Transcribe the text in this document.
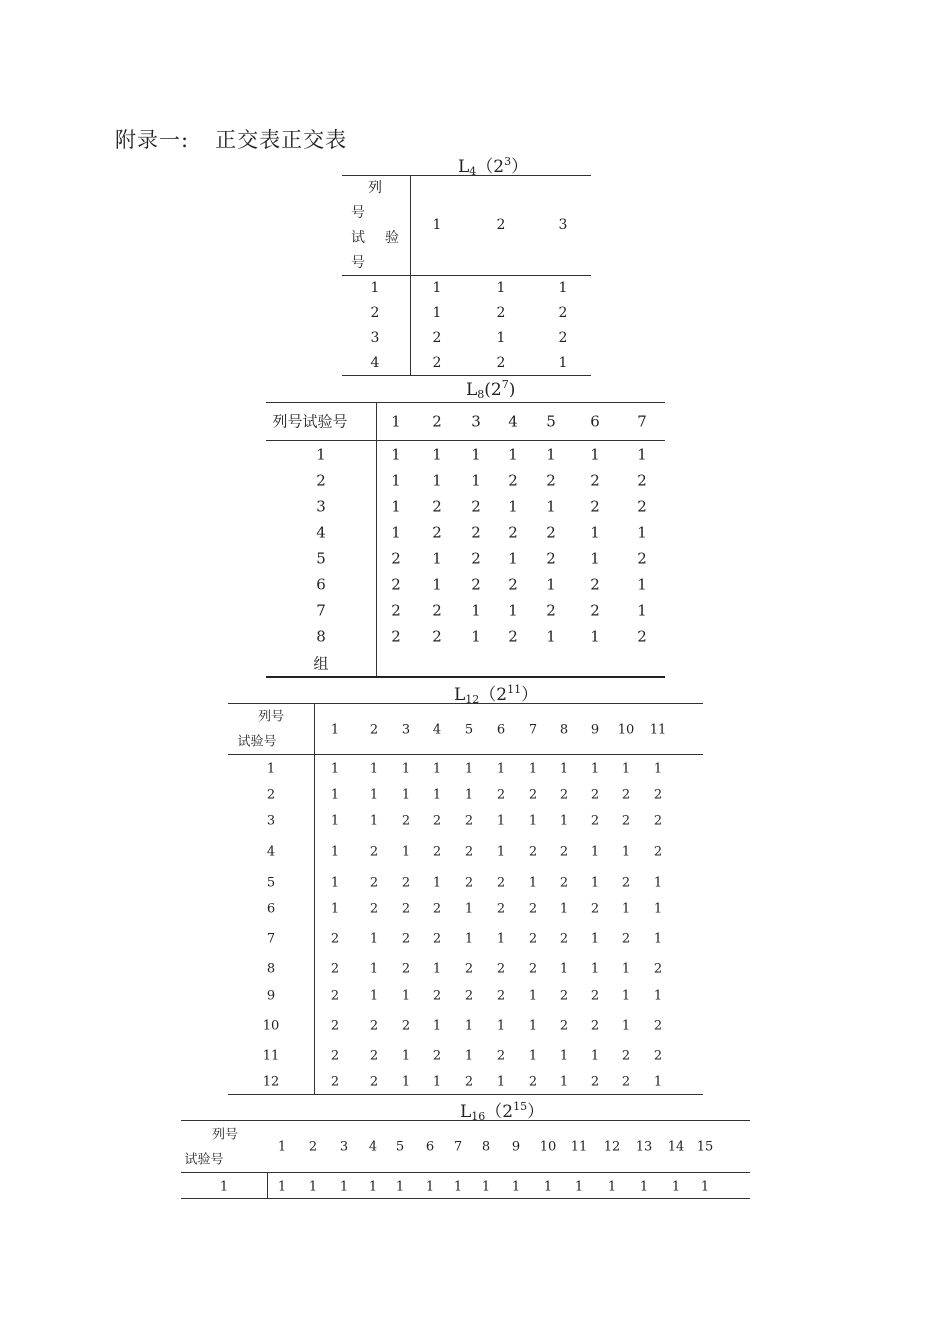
附录一: 正交表正交表
$L_4(2^3)$
列
号
试 验
号
1	2	3
1	1	1	1
2	1	2	2
3	2	1	2
4	2	2	1
$L_8(2^7)$
列号试验号
组
1 2 3 4 5 6 7
1	1 1 1 1 1 1 1
2	1 1 1 2 2 2 2
3	1 2 2 1 1 2 2
4	1 2 2 2 2 1 1
5	2 1 2 1 2 1 2
6	2 1 2 2 1 2 1
7	2 2 1 1 2 2 1
8	2 2 1 2 1 1 2
$L_{12}(2^{11})$
列号
试验号
1 2 3 4 5 6 7 8 9 10 11
1	1 1 1 1 1 1 1 1 1 1 1
2	1 1 1 1 1 2 2 2 2 2 2
3	1 1 2 2 2 1 1 1 2 2 2
4	1 2 1 2 2 1 2 2 1 1 2
5	1 2 2 1 2 2 1 2 1 2 1
6	1 2 2 2 1 2 2 1 2 1 1
7	2 1 2 2 1 1 2 2 1 2 1
8	2 1 2 1 2 2 2 1 1 1 2
9	2 1 1 2 2 2 1 2 2 1 1
10	2 2 2 1 1 1 1 2 2 1 2
11	2 2 1 2 1 2 1 1 1 2 2
12	2 2 1 1 2 1 2 1 2 2 1
$L_{16}(2^{15})$
列号
试验号
1 2 3 4 5 6 7 8 9 10 11 12 13 14 15
1	1 1 1 1 1 1 1 1 1 1 1 1 1 1 1
